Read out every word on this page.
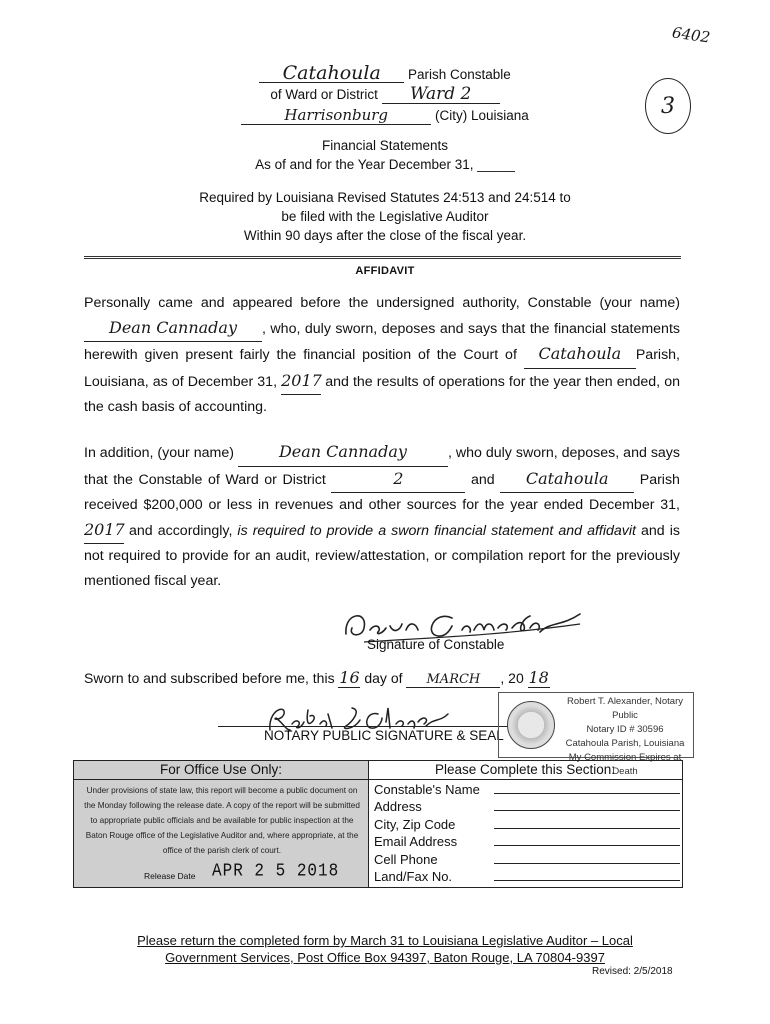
6402
3
Catahoula Parish Constable
of Ward or District Ward 2
Harrisonburg	(City) Louisiana
Financial Statements
As of and for the Year December 31, _____
Required by Louisiana Revised Statutes 24:513 and 24:514 to
be filed with the Legislative Auditor
Within 90 days after the close of the fiscal year.
AFFIDAVIT
Personally came and appeared before the undersigned authority, Constable (your name) Dean Cannaday , who, duly sworn, deposes and says that the financial statements herewith given present fairly the financial position of the Court of Catahoula Parish, Louisiana, as of December 31, 2017 and the results of operations for the year then ended, on the cash basis of accounting.
In addition, (your name)	Dean Cannaday	, who duly sworn, deposes, and says that the Constable of Ward or District	2	and Catahoula Parish received $200,000 or less in revenues and other sources for the year ended December 31, 2017 and accordingly, is required to provide a sworn financial statement and affidavit and is not required to provide for an audit, review/attestation, or compilation report for the previously mentioned fiscal year.
Signature of Constable
Sworn to and subscribed before me, this 16 day of MARCH , 20 18
NOTARY PUBLIC SIGNATURE & SEAL
Robert T. Alexander, Notary Public
Notary ID # 30596
Catahoula Parish, Louisiana
My Commission Expires at Death
For Office Use Only:
Under provisions of state law, this report will become a public document on the Monday following the release date. A copy of the report will be submitted to appropriate public officials and be available for public inspection at the Baton Rouge office of the Legislative Auditor and, where appropriate, at the office of the parish clerk of court.
Release Date APR 2 5 2018
Please Complete this Section:
Constable's Name
Address
City, Zip Code
Email Address
Cell Phone
Land/Fax No.
Please return the completed form by March 31 to Louisiana Legislative Auditor – Local
Government Services, Post Office Box 94397, Baton Rouge, LA 70804-9397
Revised: 2/5/2018
